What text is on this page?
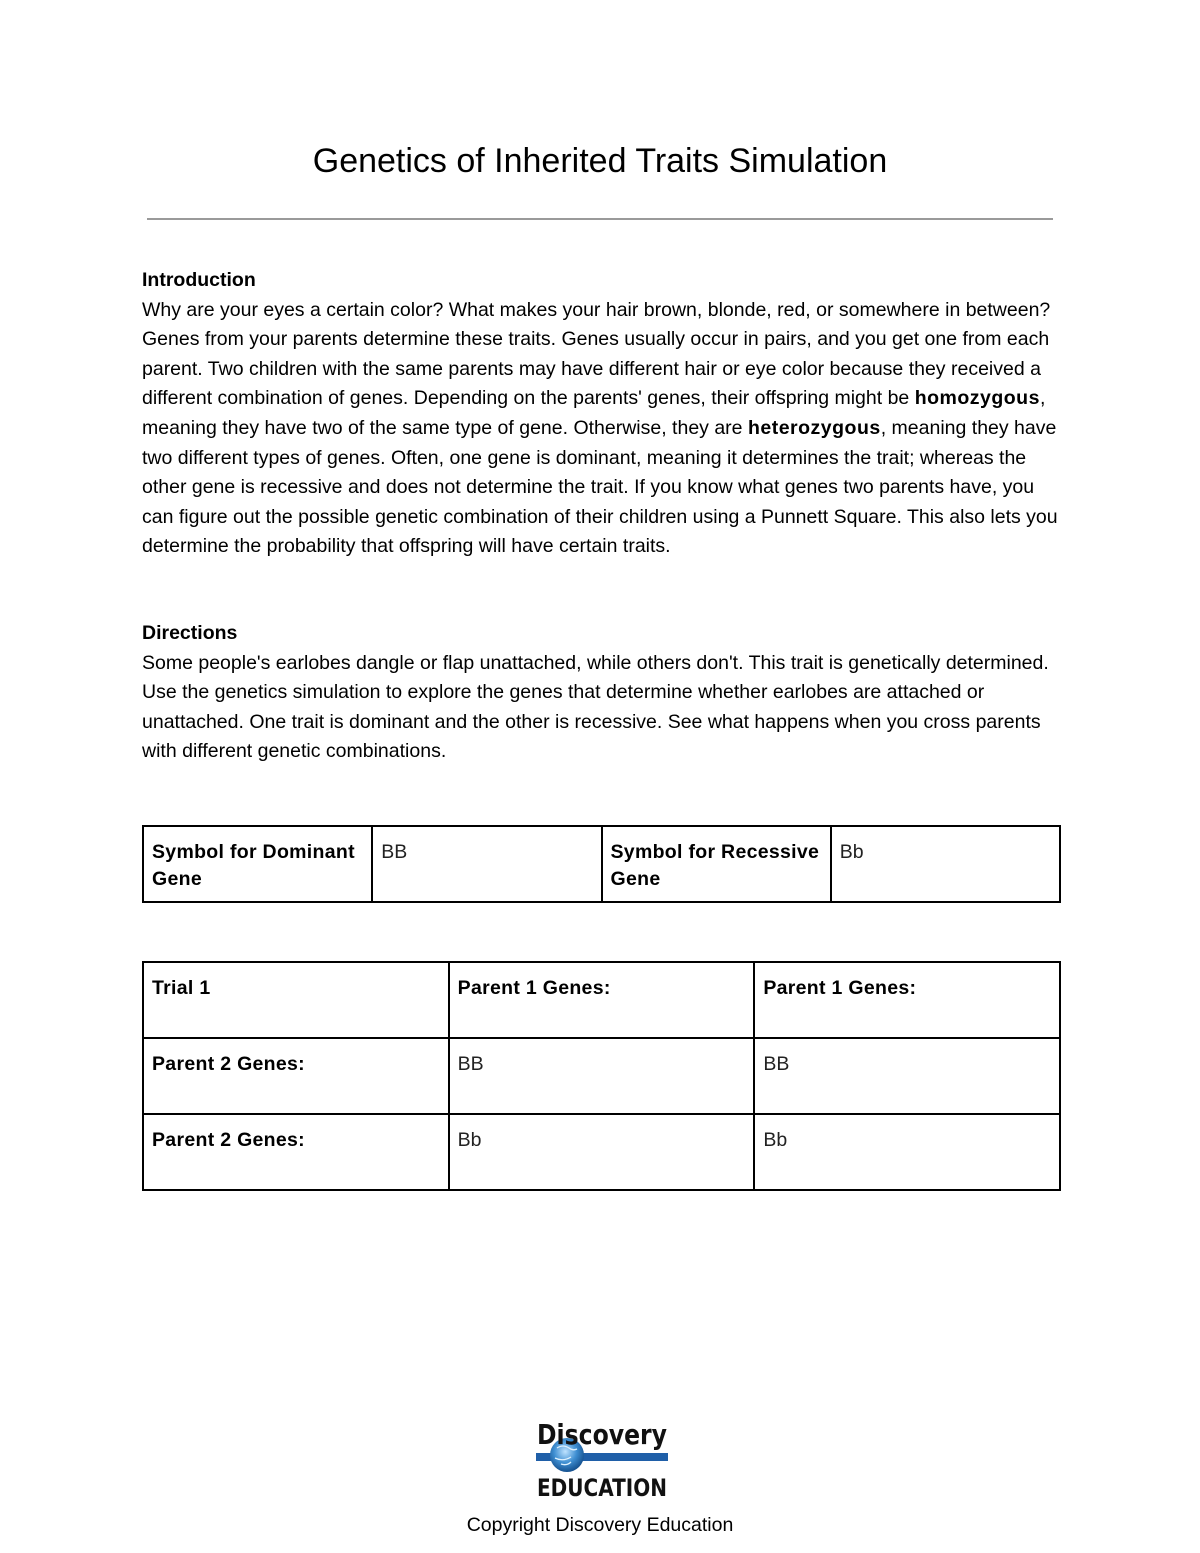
Genetics of Inherited Traits Simulation
Introduction

Why are your eyes a certain color? What makes your hair brown, blonde, red, or somewhere in between? Genes from your parents determine these traits. Genes usually occur in pairs, and you get one from each parent. Two children with the same parents may have different hair or eye color because they received a different combination of genes. Depending on the parents' genes, their offspring might be homozygous, meaning they have two of the same type of gene. Otherwise, they are heterozygous, meaning they have two different types of genes. Often, one gene is dominant, meaning it determines the trait; whereas the other gene is recessive and does not determine the trait. If you know what genes two parents have, you can figure out the possible genetic combination of their children using a Punnett Square. This also lets you determine the probability that offspring will have certain traits.

Directions

Some people's earlobes dangle or flap unattached, while others don't. This trait is genetically determined. Use the genetics simulation to explore the genes that determine whether earlobes are attached or unattached. One trait is dominant and the other is recessive. See what happens when you cross parents with different genetic combinations.

Symbol for Dominant Gene	BB	Symbol for Recessive Gene	Bb
Trial 1	Parent 1 Genes:	Parent 1 Genes:
Parent 2 Genes:	BB	BB
Parent 2 Genes:	Bb	Bb
Discovery
EDUCATION
Copyright Discovery Education
